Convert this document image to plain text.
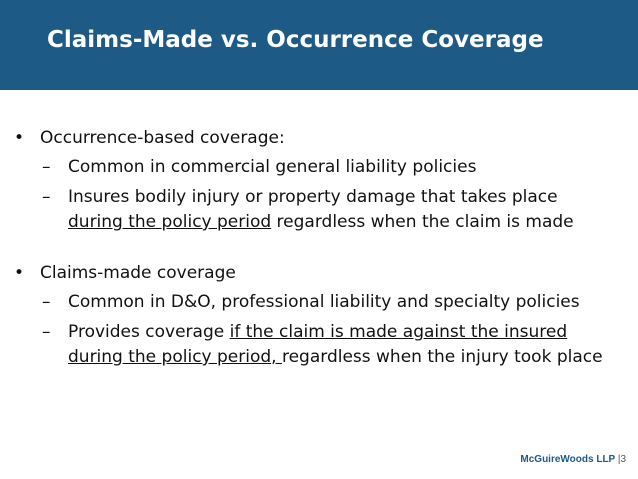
Claims-Made vs. Occurrence Coverage
• Occurrence-based coverage:
– Common in commercial general liability policies
– Insures bodily injury or property damage that takes place
during the policy period regardless when the claim is made
• Claims-made coverage
– Common in D&O, professional liability and specialty policies
– Provides coverage if the claim is made against the insured
during the policy period, regardless when the injury took place
McGuireWoods LLP |3
